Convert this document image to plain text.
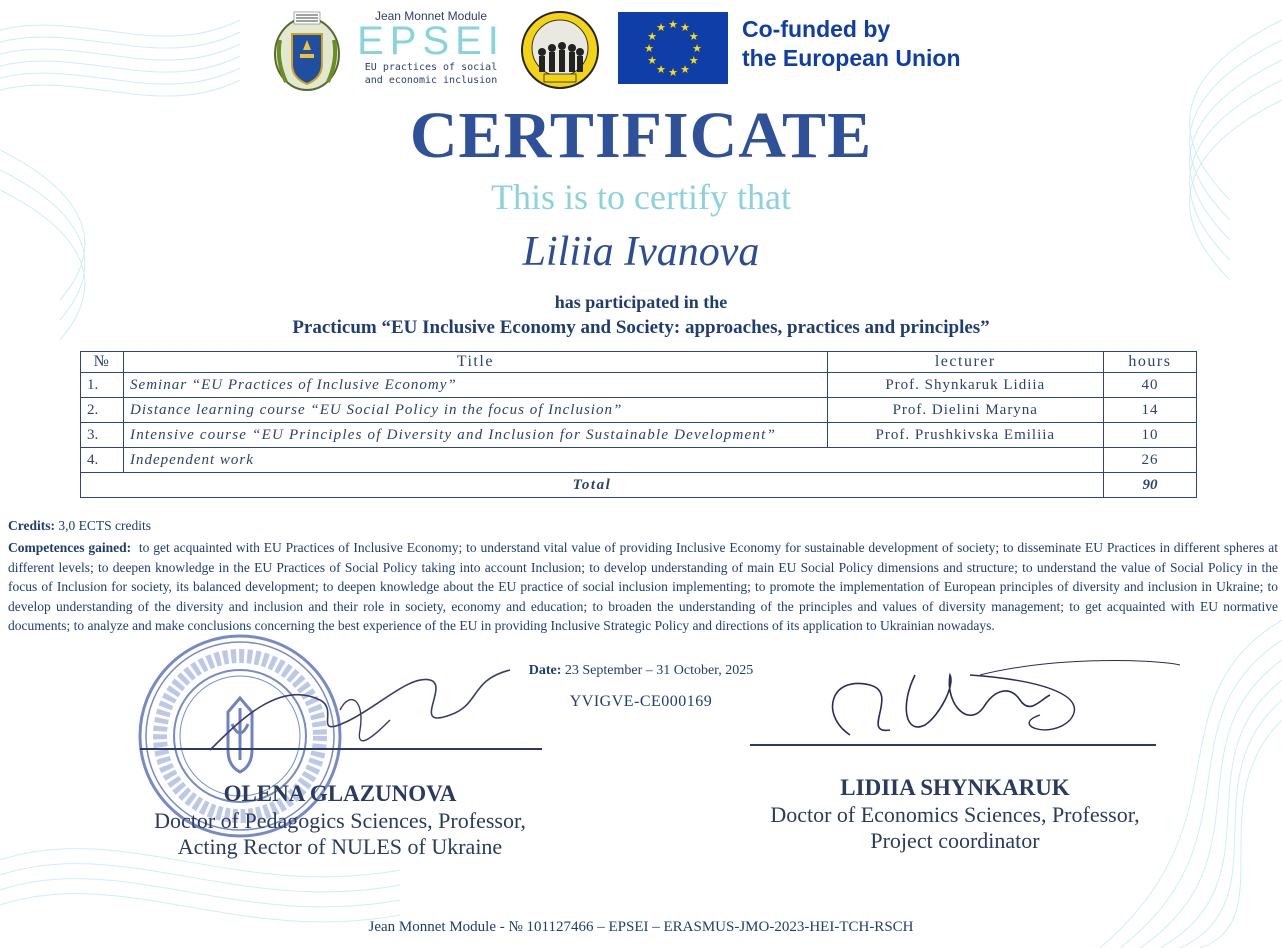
Jean Monnet Module
EPSEI
EU practices of social
and economic inclusion
★ ★
★
★
★
★
★
★
★
★
★
★	Co-funded by
the European Union
CERTIFICATE
This is to certify that
Liliia Ivanova
has participated in the
Practicum “EU Inclusive Economy and Society: approaches, practices and principles”
№	Title	lecturer	hours
1.	Seminar “EU Practices of Inclusive Economy”	Prof. Shynkaruk Lidiia	40
2.	Distance learning course “EU Social Policy in the focus of Inclusion”	Prof. Dielini Maryna	14
3.	Intensive course “EU Principles of Diversity and Inclusion for Sustainable Development”	Prof. Prushkivska Emiliia	10
4.	Independent work		26
Total			90
Credits: 3,0 ECTS credits
Competences gained: to get acquainted with EU Practices of Inclusive Economy; to understand vital value of providing Inclusive Economy for sustainable development of society; to disseminate EU Practices in different spheres at different levels; to deepen knowledge in the EU Practices of Social Policy taking into account Inclusion; to develop understanding of main EU Social Policy dimensions and structure; to understand the value of Social Policy in the focus of Inclusion for society, its balanced development; to deepen knowledge about the EU practice of social inclusion implementing; to promote the implementation of European principles of diversity and inclusion in Ukraine; to develop understanding of the diversity and inclusion and their role in society, economy and education; to broaden the understanding of the principles and values of diversity management; to get acquainted with EU normative documents; to analyze and make conclusions concerning the best experience of the EU in providing Inclusive Strategic Policy and directions of its application to Ukrainian nowadays.
Date: 23 September – 31 October, 2025
YVIGVE-CE000169
OLENA GLAZUNOVA
Doctor of Pedagogics Sciences, Professor,
Acting Rector of NULES of Ukraine
LIDIIA SHYNKARUK
Doctor of Economics Sciences, Professor,
Project coordinator
Jean Monnet Module - № 101127466 – EPSEI – ERASMUS-JMO-2023-HEI-TCH-RSCH
